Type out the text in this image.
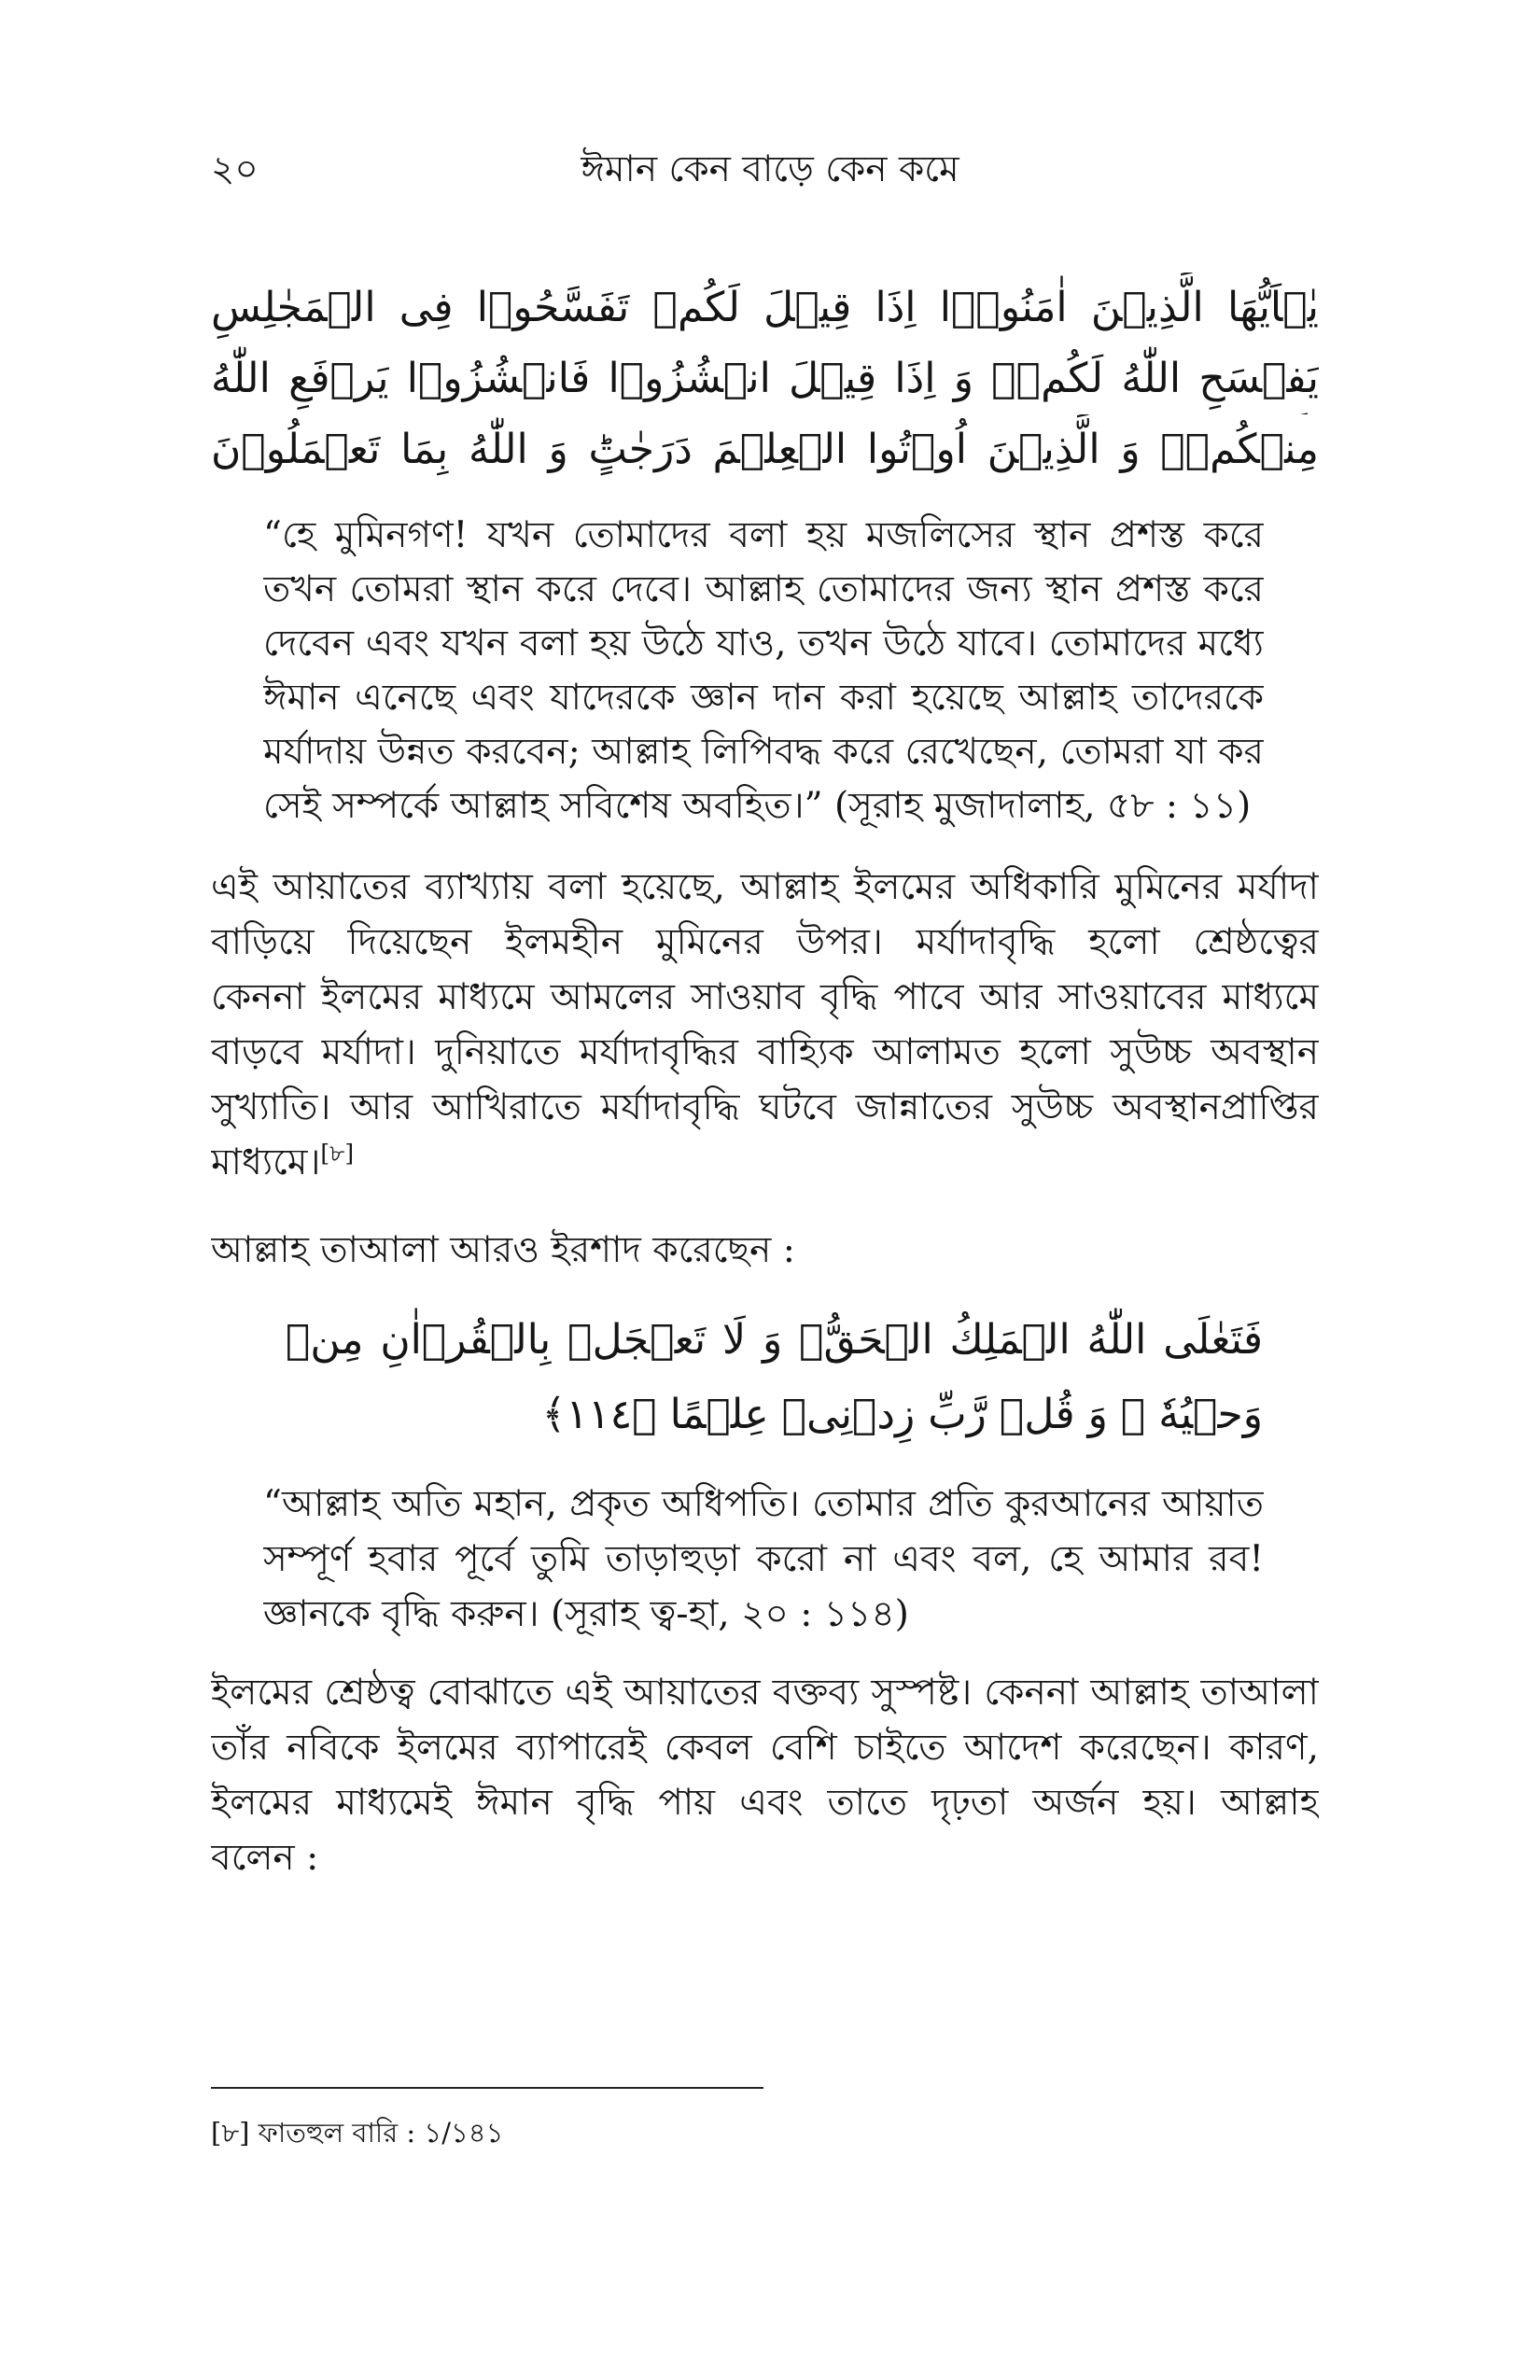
২০	ঈমান কেন বাড়ে কেন কমে
يٰۤاَيُّهَا الَّذِيۡنَ اٰمَنُوۡۤا اِذَا قِيۡلَ لَكُمۡ تَفَسَّحُوۡا فِى الۡمَجٰلِسِ
يَفۡسَحِ اللّٰهُ لَكُمۡۚ وَ اِذَا قِيۡلَ انۡشُزُوۡا فَانۡشُزُوۡا يَرۡفَعِ اللّٰهُ
مِنۡكُمۡۙ وَ الَّذِيۡنَ اُوۡتُوا الۡعِلۡمَ دَرَجٰتٍؕ وَ اللّٰهُ بِمَا تَعۡمَلُوۡنَ
“হে মুমিনগণ! যখন তোমাদের বলা হয় মজলিসের স্থান প্রশস্ত করে
তখন তোমরা স্থান করে দেবে। আল্লাহ তোমাদের জন্য স্থান প্রশস্ত করে
দেবেন এবং যখন বলা হয় উঠে যাও, তখন উঠে যাবে। তোমাদের মধ্যে
ঈমান এনেছে এবং যাদেরকে জ্ঞান দান করা হয়েছে আল্লাহ তাদেরকে
মর্যাদায় উন্নত করবেন; আল্লাহ লিপিবদ্ধ করে রেখেছেন, তোমরা যা কর
সেই সম্পর্কে আল্লাহ সবিশেষ অবহিত।” (সূরাহ মুজাদালাহ, ৫৮ : ১১)
এই আয়াতের ব্যাখ্যায় বলা হয়েছে, আল্লাহ ইলমের অধিকারি মুমিনের মর্যাদা
বাড়িয়ে দিয়েছেন ইলমহীন মুমিনের উপর। মর্যাদাবৃদ্ধি হলো শ্রেষ্ঠত্বের
কেননা ইলমের মাধ্যমে আমলের সাওয়াব বৃদ্ধি পাবে আর সাওয়াবের মাধ্যমে
বাড়বে মর্যাদা। দুনিয়াতে মর্যাদাবৃদ্ধির বাহ্যিক আলামত হলো সুউচ্চ অবস্থান
সুখ্যাতি। আর আখিরাতে মর্যাদাবৃদ্ধি ঘটবে জান্নাতের সুউচ্চ অবস্থানপ্রাপ্তির
মাধ্যমে।[৮]
আল্লাহ তাআলা আরও ইরশাদ করেছেন :
فَتَعٰلَى اللّٰهُ الۡمَلِكُ الۡحَقُّۚ وَ لَا تَعۡجَلۡ بِالۡقُرۡاٰنِ مِنۡ
وَحۡيُهٗ ۫ وَ قُلۡ رَّبِّ زِدۡنِىۡ عِلۡمًا ﴿١١٤﴾
“আল্লাহ অতি মহান, প্রকৃত অধিপতি। তোমার প্রতি কুরআনের আয়াত
সম্পূর্ণ হবার পূর্বে তুমি তাড়াহুড়া করো না এবং বল, হে আমার রব!
জ্ঞানকে বৃদ্ধি করুন। (সূরাহ ত্ব-হা, ২০ : ১১৪)
ইলমের শ্রেষ্ঠত্ব বোঝাতে এই আয়াতের বক্তব্য সুস্পষ্ট। কেননা আল্লাহ তাআলা
তাঁর নবিকে ইলমের ব্যাপারেই কেবল বেশি চাইতে আদেশ করেছেন। কারণ,
ইলমের মাধ্যমেই ঈমান বৃদ্ধি পায় এবং তাতে দৃঢ়তা অর্জন হয়। আল্লাহ
বলেন :
[৮] ফাতহুল বারি : ১/১৪১
